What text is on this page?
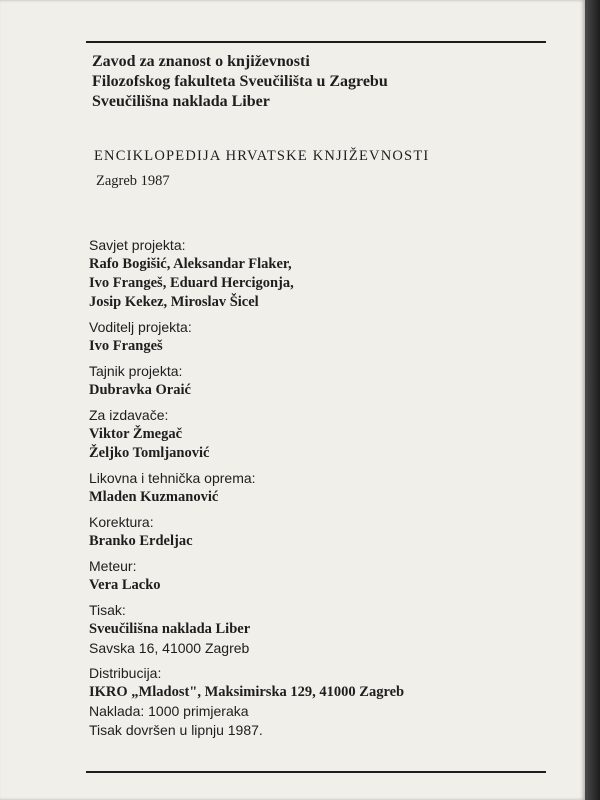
Zavod za znanost o književnosti
Filozofskog fakulteta Sveučilišta u Zagrebu
Sveučilišna naklada Liber
ENCIKLOPEDIJA HRVATSKE KNJIŽEVNOSTI
Zagreb 1987
Savjet projekta:
Rafo Bogišić, Aleksandar Flaker,
Ivo Frangeš, Eduard Hercigonja,
Josip Kekez, Miroslav Šicel
Voditelj projekta:
Ivo Frangeš
Tajnik projekta:
Dubravka Oraić
Za izdavače:
Viktor Žmegač
Željko Tomljanović
Likovna i tehnička oprema:
Mladen Kuzmanović
Korektura:
Branko Erdeljac
Meteur:
Vera Lacko
Tisak:
Sveučilišna naklada Liber
Savska 16, 41000 Zagreb
Distribucija:
IKRO „Mladost", Maksimirska 129, 41000 Zagreb
Naklada: 1000 primjeraka
Tisak dovršen u lipnju 1987.
